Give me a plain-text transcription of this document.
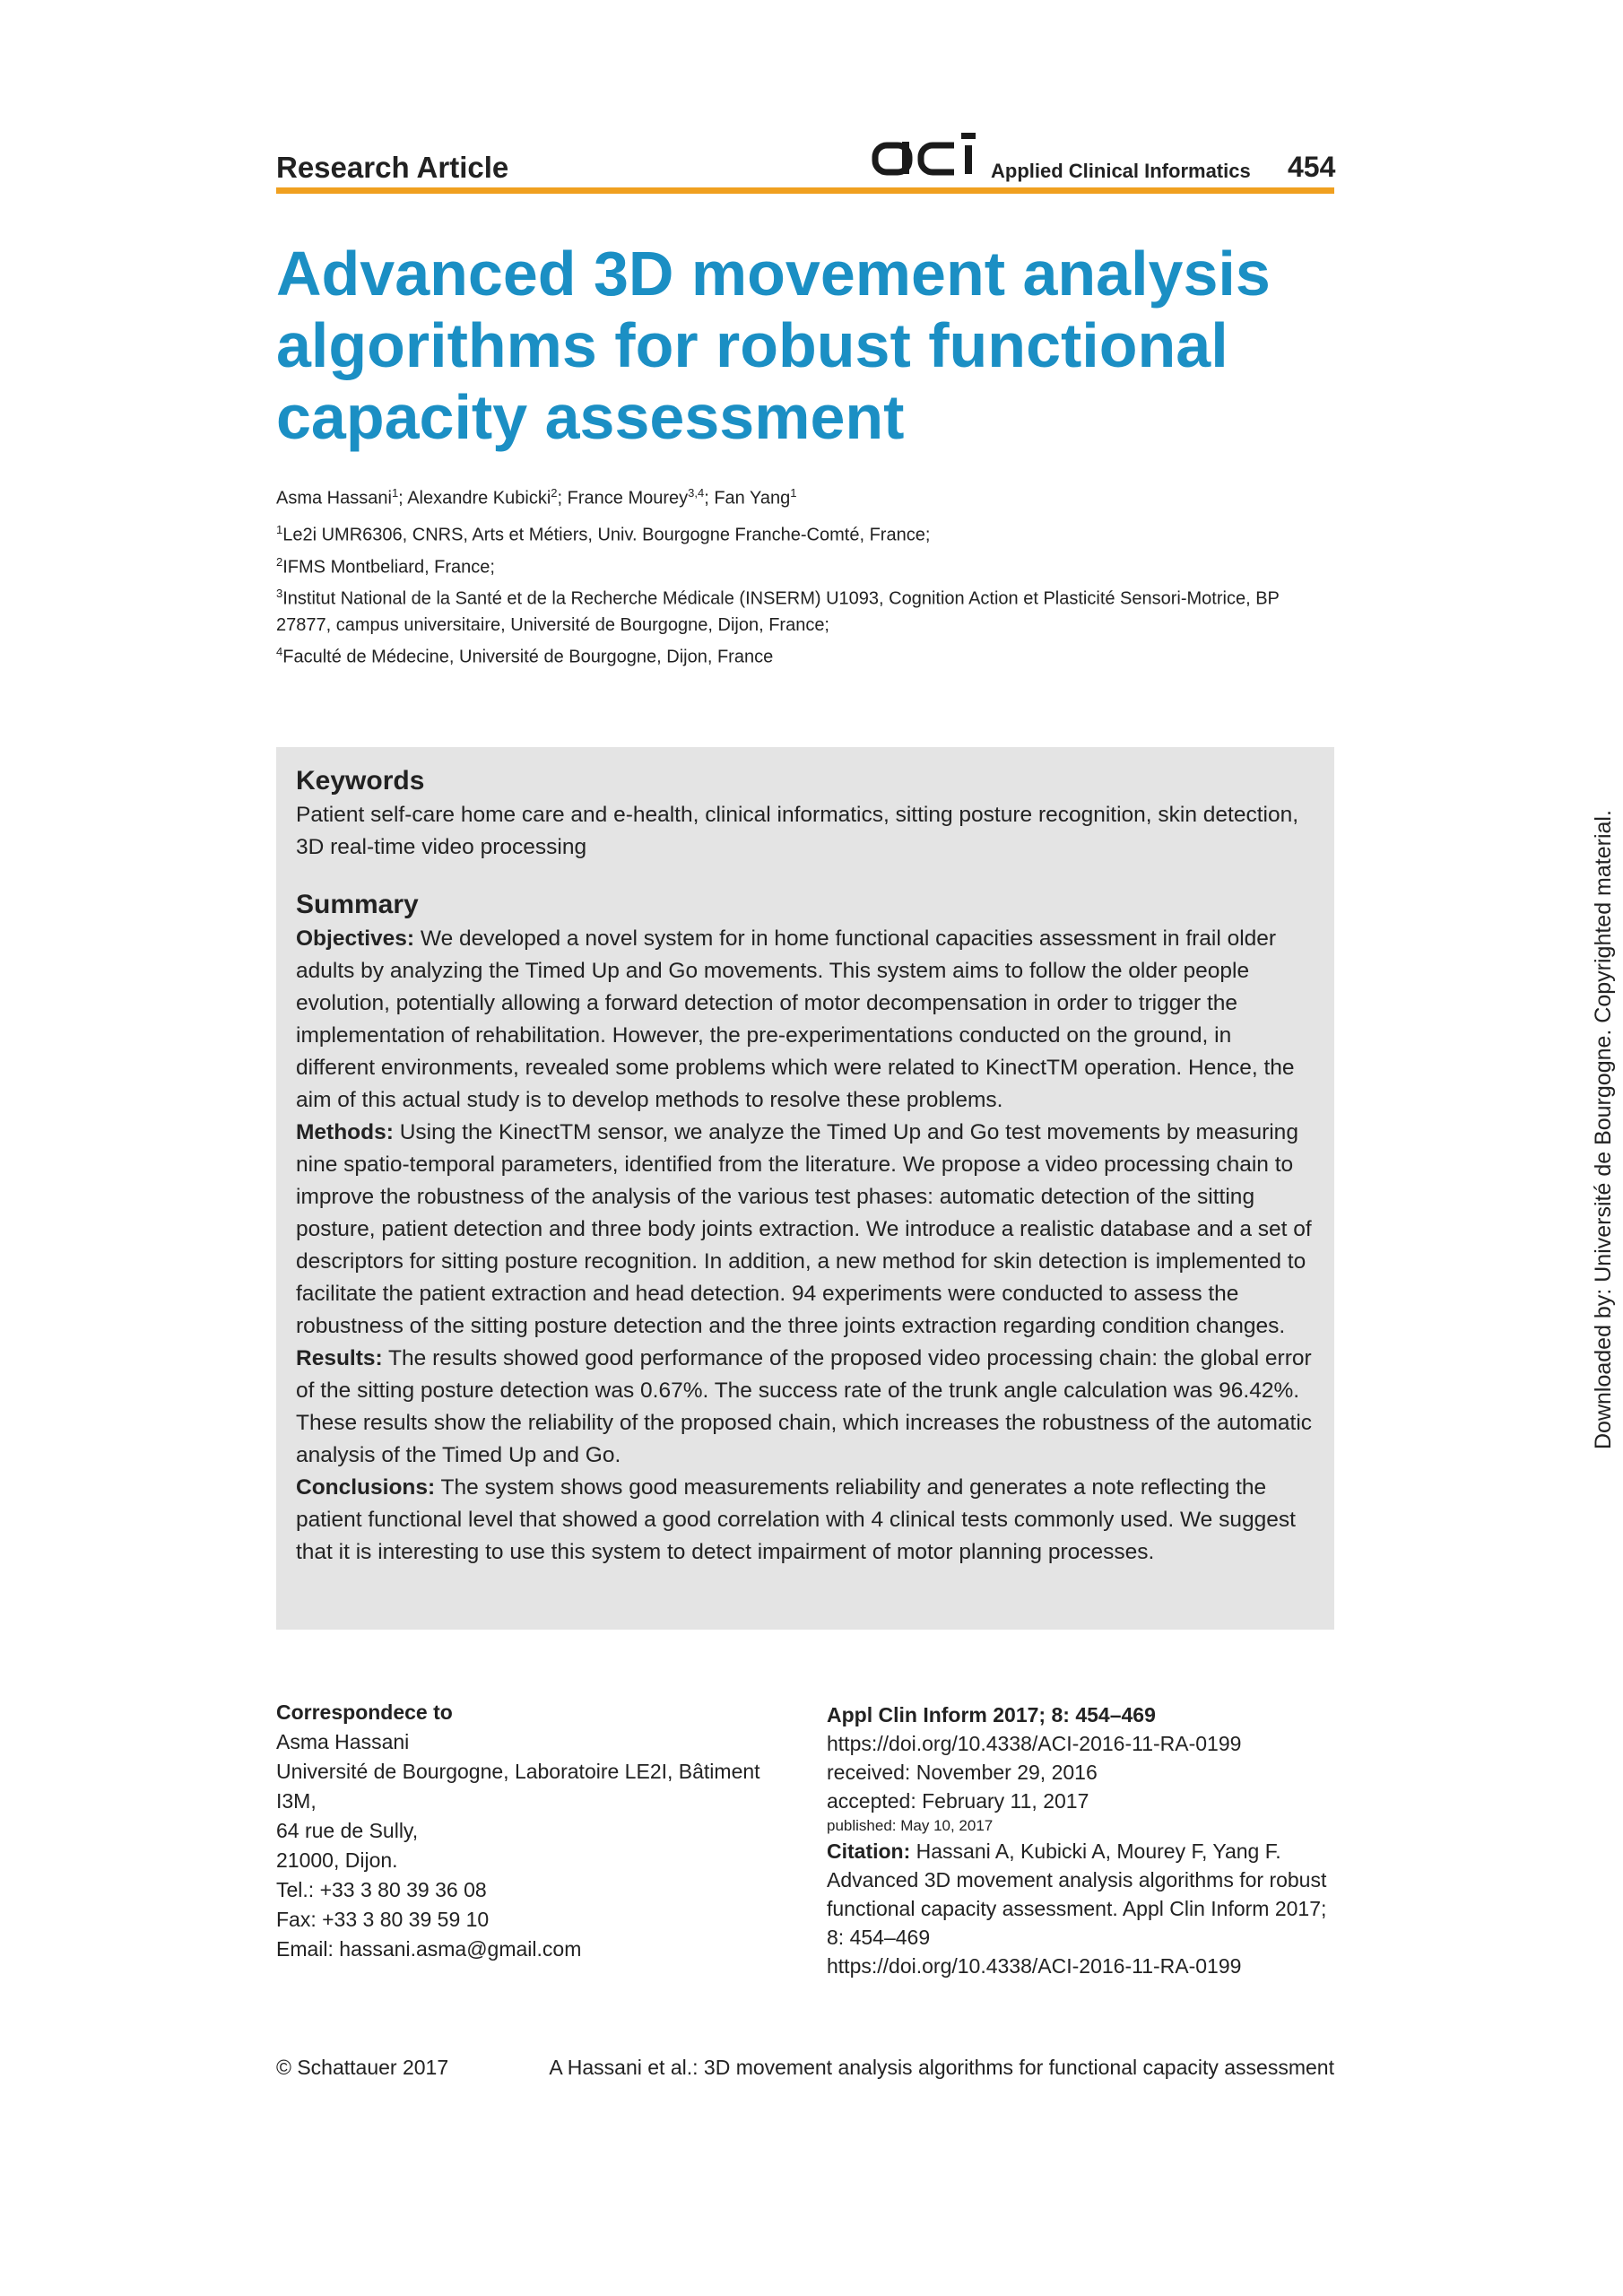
Research Article	aci	Applied Clinical Informatics 454
Advanced 3D movement analysis algorithms for robust functional capacity assessment
Asma Hassani$^1$; Alexandre Kubicki$^2$; France Mourey$^{3,4}$; Fan Yang$^1$
$^1$Le2i UMR6306, CNRS, Arts et Métiers, Univ. Bourgogne Franche-Comté, France;
$^2$IFMS Montbeliard, France;
$^3$Institut National de la Santé et de la Recherche Médicale (INSERM) U1093, Cognition Action et Plasticité Sensori-Motrice, BP 27877, campus universitaire, Université de Bourgogne, Dijon, France;
$^4$Faculté de Médecine, Université de Bourgogne, Dijon, France

Keywords

Patient self-care home care and e-health, clinical informatics, sitting posture recognition, skin detection, 3D real-time video processing

Summary

Objectives: We developed a novel system for in home functional capacities assessment in frail older adults by analyzing the Timed Up and Go movements. This system aims to follow the older people evolution, potentially allowing a forward detection of motor decompensation in order to trigger the implementation of rehabilitation. However, the pre-experimentations conducted on the ground, in different environments, revealed some problems which were related to KinectTM operation. Hence, the aim of this actual study is to develop methods to resolve these problems.

Methods: Using the KinectTM sensor, we analyze the Timed Up and Go test movements by measuring nine spatio-temporal parameters, identified from the literature. We propose a video processing chain to improve the robustness of the analysis of the various test phases: automatic detection of the sitting posture, patient detection and three body joints extraction. We introduce a realistic database and a set of descriptors for sitting posture recognition. In addition, a new method for skin detection is implemented to facilitate the patient extraction and head detection. 94 experiments were conducted to assess the robustness of the sitting posture detection and the three joints extraction regarding condition changes.

Results: The results showed good performance of the proposed video processing chain: the global error of the sitting posture detection was 0.67%. The success rate of the trunk angle calculation was 96.42%. These results show the reliability of the proposed chain, which increases the robustness of the automatic analysis of the Timed Up and Go.

Conclusions: The system shows good measurements reliability and generates a note reflecting the patient functional level that showed a good correlation with 4 clinical tests commonly used. We suggest that it is interesting to use this system to detect impairment of motor planning processes.

Correspondece to
Asma Hassani
Université de Bourgogne, Laboratoire LE2I, Bâtiment I3M,
64 rue de Sully,
21000, Dijon.
Tel.: +33 3 80 39 36 08
Fax: +33 3 80 39 59 10
Email: hassani.asma@gmail.com
Appl Clin Inform 2017; 8: 454–469
https://doi.org/10.4338/ACI-2016-11-RA-0199
received: November 29, 2016
accepted: February 11, 2017
published: May 10, 2017
Citation: Hassani A, Kubicki A, Mourey F, Yang F. Advanced 3D movement analysis algorithms for robust functional capacity assessment. Appl Clin Inform 2017; 8: 454–469
https://doi.org/10.4338/ACI-2016-11-RA-0199
© Schattauer 2017	A Hassani et al.: 3D movement analysis algorithms for functional capacity assessment
Downloaded by: Université de Bourgogne. Copyrighted material.
